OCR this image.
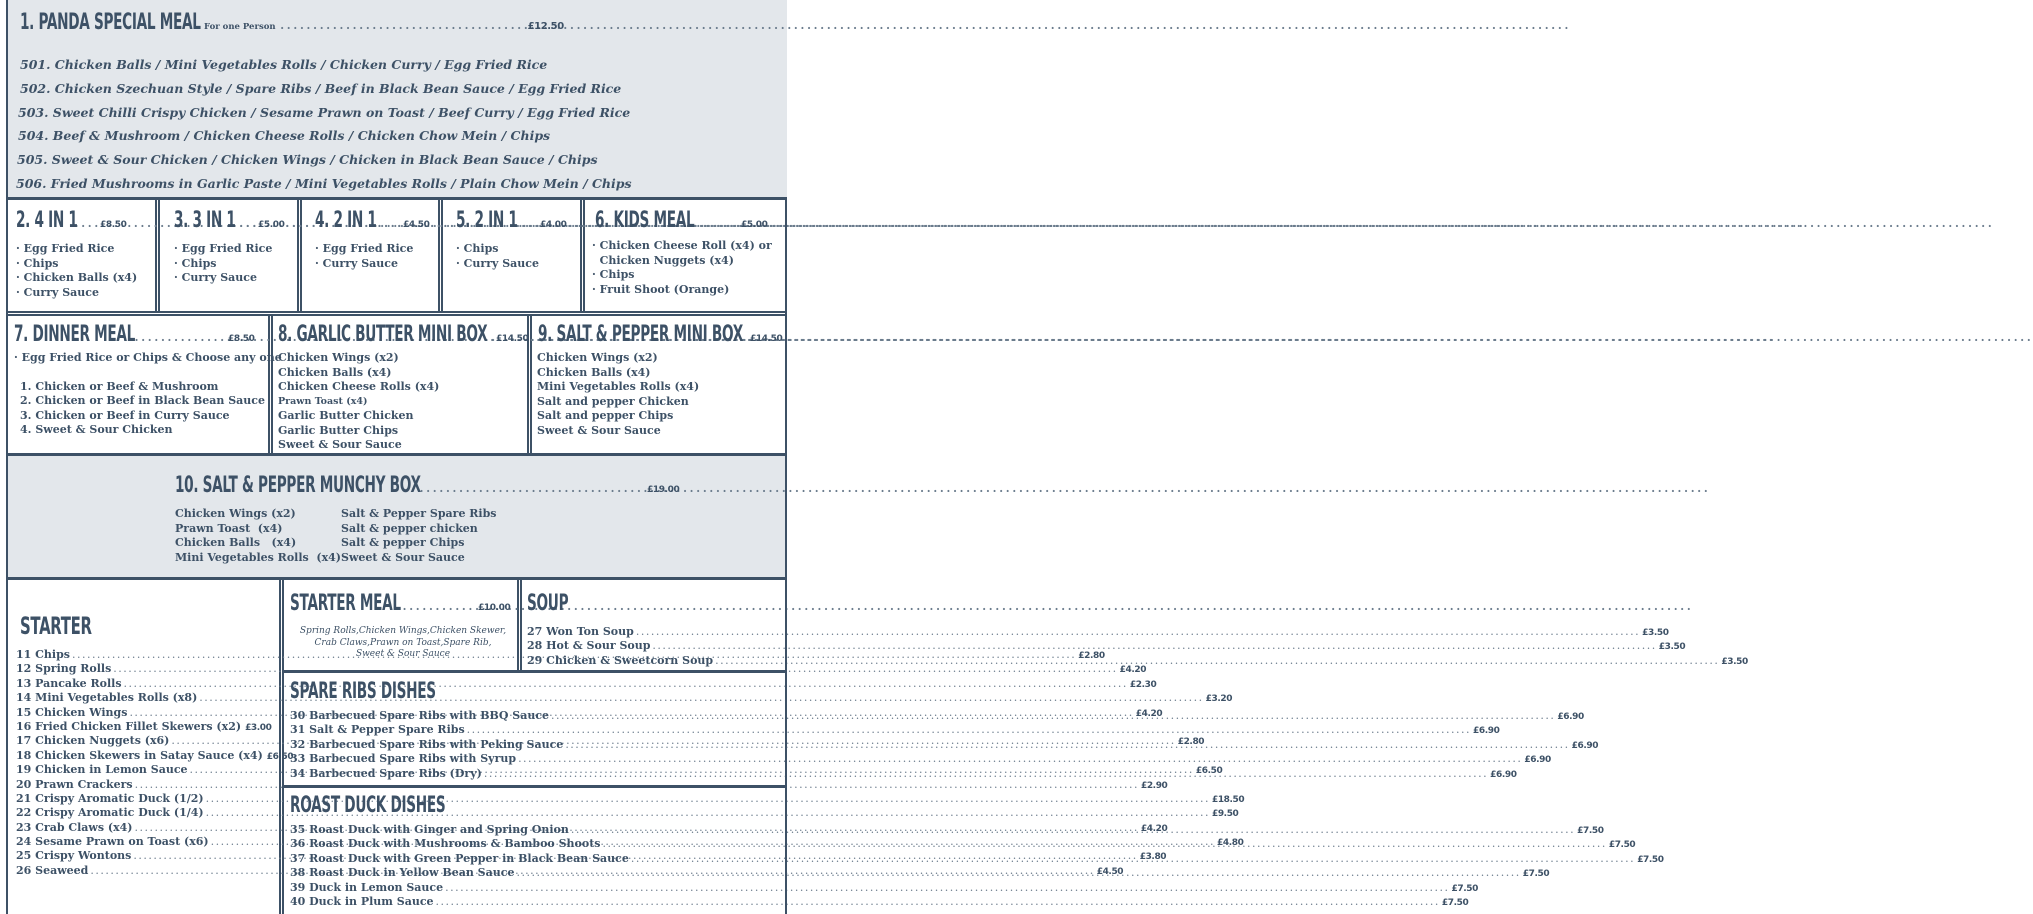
1. PANDA SPECIAL MEAL For one Person .....	£12.50
501. Chicken Balls / Mini Vegetables Rolls / Chicken Curry / Egg Fried Rice
502. Chicken Szechuan Style / Spare Ribs / Beef in Black Bean Sauce / Egg Fried Rice
503. Sweet Chilli Crispy Chicken / Sesame Prawn on Toast / Beef Curry / Egg Fried Rice
504. Beef & Mushroom / Chicken Cheese Rolls / Chicken Chow Mein / Chips
505. Sweet & Sour Chicken / Chicken Wings / Chicken in Black Bean Sauce / Chips
506. Fried Mushrooms in Garlic Paste / Mini Vegetables Rolls / Plain Chow Mein / Chips
2. 4 IN 1 ..... £8.50
· Egg Fried Rice
· Chips
· Chicken Balls (x4)
· Curry Sauce
3. 3 IN 1 ..... £5.00
· Egg Fried Rice
· Chips
· Curry Sauce
4. 2 IN 1 .....	£4.50
· Egg Fried Rice
· Curry Sauce
5. 2 IN 1 ..... £4.00
· Chips
· Curry Sauce
6. KIDS MEAL .....	£5.00
· Chicken Cheese Roll (x4) or
Chicken Nuggets (x4)
· Chips
· Fruit Shoot (Orange)
7. DINNER MEAL .....	£8.50
· Egg Fried Rice or Chips & Choose any one
1. Chicken or Beef & Mushroom
2. Chicken or Beef in Black Bean Sauce
3. Chicken or Beef in Curry Sauce
4. Sweet & Sour Chicken
8. GARLIC BUTTER MINI BOX ..... £14.50
Chicken Wings (x2)
Chicken Balls (x4)
Chicken Cheese Rolls (x4)
Prawn Toast (x4)
Garlic Butter Chicken
Garlic Butter Chips
Sweet & Sour Sauce
9. SALT & PEPPER MINI BOX ..... £14.50
Chicken Wings (x2)
Chicken Balls (x4)
Mini Vegetables Rolls (x4)
Salt and pepper Chicken
Salt and pepper Chips
Sweet & Sour Sauce
10. SALT & PEPPER MUNCHY BOX .....	£19.00
Chicken Wings (x2)
Prawn Toast  (x4)
Chicken Balls   (x4)
Mini Vegetables Rolls  (x4)
Salt & Pepper Spare Ribs
Salt & pepper chicken
Salt & pepper Chips
Sweet & Sour Sauce
STARTER
11 Chips .....	£2.80
12 Spring Rolls .....	£4.20
13 Pancake Rolls .....	£2.30
14 Mini Vegetables Rolls (x8) .....	£3.20
15 Chicken Wings .....	£4.20
16 Fried Chicken Fillet Skewers (x2) £3.00
17 Chicken Nuggets (x6) .....	£2.80
18 Chicken Skewers in Satay Sauce (x4) £6.50
19 Chicken in Lemon Sauce .....	£6.50
20 Prawn Crackers .....	£2.90
21 Crispy Aromatic Duck (1/2) .....	£18.50
22 Crispy Aromatic Duck (1/4) .....	£9.50
23 Crab Claws (x4) .....	£4.20
24 Sesame Prawn on Toast (x6) .....	£4.80
25 Crispy Wontons .....	£3.80
26 Seaweed .....	£4.50
STARTER MEAL .....	£10.00
Spring Rolls,Chicken Wings,Chicken Skewer,
Crab Claws,Prawn on Toast,Spare Rib,
Sweet & Sour Sauce
SOUP
27 Won Ton Soup .....	£3.50
28 Hot & Sour Soup .....	£3.50
29 Chicken & Sweetcorn Soup .....	£3.50
SPARE RIBS DISHES
30 Barbecued Spare Ribs with BBQ Sauce .....	£6.90
31 Salt & Pepper Spare Ribs .....	£6.90
32 Barbecued Spare Ribs with Peking Sauce .....	£6.90
33 Barbecued Spare Ribs with Syrup .....	£6.90
34 Barbecued Spare Ribs (Dry) .....	£6.90
ROAST DUCK DISHES
35 Roast Duck with Ginger and Spring Onion .....	£7.50
36 Roast Duck with Mushrooms & Bamboo Shoots .....	£7.50
37 Roast Duck with Green Pepper in Black Bean Sauce .....	£7.50
38 Roast Duck in Yellow Bean Sauce .....	£7.50
39 Duck in Lemon Sauce .....	£7.50
40 Duck in Plum Sauce .....	£7.50
